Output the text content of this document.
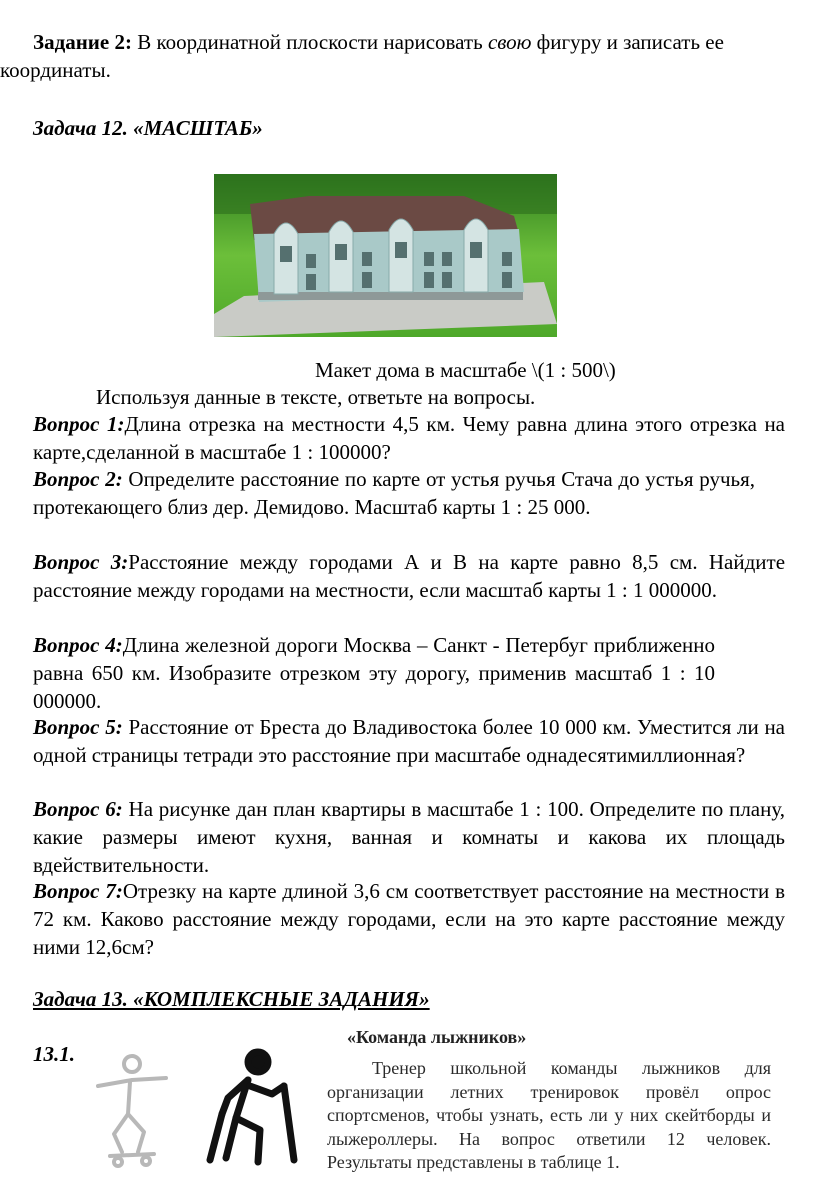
Задание 2: В координатной плоскости нарисовать свою фигуру и записать ее
координаты.
Задача 12. «МАСШТАБ»
Макет дома в масштабе \(1 : 500\)
Используя данные в тексте, ответьте на вопросы.
Вопрос 1:Длина отрезка на местности 4,5 км. Чему равна длина этого отрезка на карте,сделанной в масштабе 1 : 100000?
Вопрос 2: Определите расстояние по карте от устья ручья Стача до устья ручья, протекающего близ дер. Демидово. Масштаб карты 1 : 25 000.
Вопрос 3:Расстояние между городами А и В на карте равно 8,5 см. Найдите расстояние между городами на местности, если масштаб карты 1 : 1 000000.
Вопрос 4:Длина железной дороги Москва – Санкт - Петербуг приближенно равна 650 км. Изобразите отрезком эту дорогу, применив масштаб 1 : 10 000000.
Вопрос 5: Расстояние от Бреста до Владивостока более 10 000 км. Уместится ли на одной страницы тетради это расстояние при масштабе однадесятимиллионная?
Вопрос 6: На рисунке дан план квартиры в масштабе 1 : 100. Определите по плану, какие размеры имеют кухня, ванная и комнаты и какова их площадь вдействительности.
Вопрос 7:Отрезку на карте длиной 3,6 см соответствует расстояние на местности в 72 км. Каково расстояние между городами, если на это карте расстояние между ними 12,6см?
Задача 13. «КОМПЛЕКСНЫЕ ЗАДАНИЯ»
13.1.
«Команда лыжников»
Тренер школьной команды лыжников для организации летних тренировок провёл опрос спортсменов, чтобы узнать, есть ли у них скейтборды и лыжероллеры. На вопрос ответили 12 человек. Результаты представлены в таблице 1.
